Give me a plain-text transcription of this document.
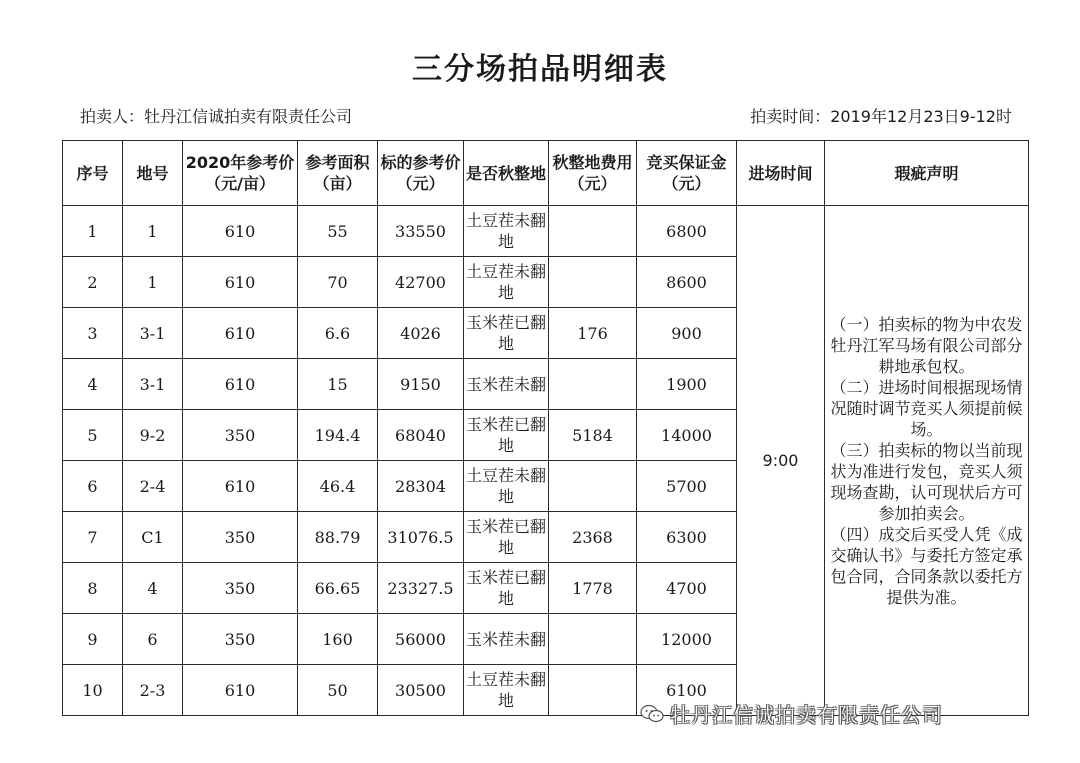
三分场拍品明细表
拍卖人：牡丹江信诚拍卖有限责任公司	拍卖时间：2019年12月23日9-12时
序号	地号	2020年参考价（元/亩）	参考面积（亩）	标的参考价（元）	是否秋整地	秋整地费用（元）	竞买保证金（元）	进场时间	瑕疵声明
1	1	610	55	33550	土豆茬未翻地		6800	9:00	（一）拍卖标的物为中农发牡丹江军马场有限公司部分耕地承包权。

（二）进场时间根据现场情况随时调节竞买人须提前候场。

（三）拍卖标的物以当前现状为准进行发包，竞买人须现场查勘，认可现状后方可参加拍卖会。

（四）成交后买受人凭《成交确认书》与委托方签定承包合同，合同条款以委托方提供为准。

2	1	610	70	42700	土豆茬未翻地		8600		
3	3-1	610	6.6	4026	玉米茬已翻地	176	900		
4	3-1	610	15	9150	玉米茬未翻		1900		
5	9-2	350	194.4	68040	玉米茬已翻地	5184	14000		
6	2-4	610	46.4	28304	土豆茬未翻地		5700		
7	C1	350	88.79	31076.5	玉米茬已翻地	2368	6300		
8	4	350	66.65	23327.5	玉米茬已翻地	1778	4700		
9	6	350	160	56000	玉米茬未翻		12000		
10	2-3	610	50	30500	土豆茬未翻地		6100		
牡丹江信诚拍卖有限责任公司
